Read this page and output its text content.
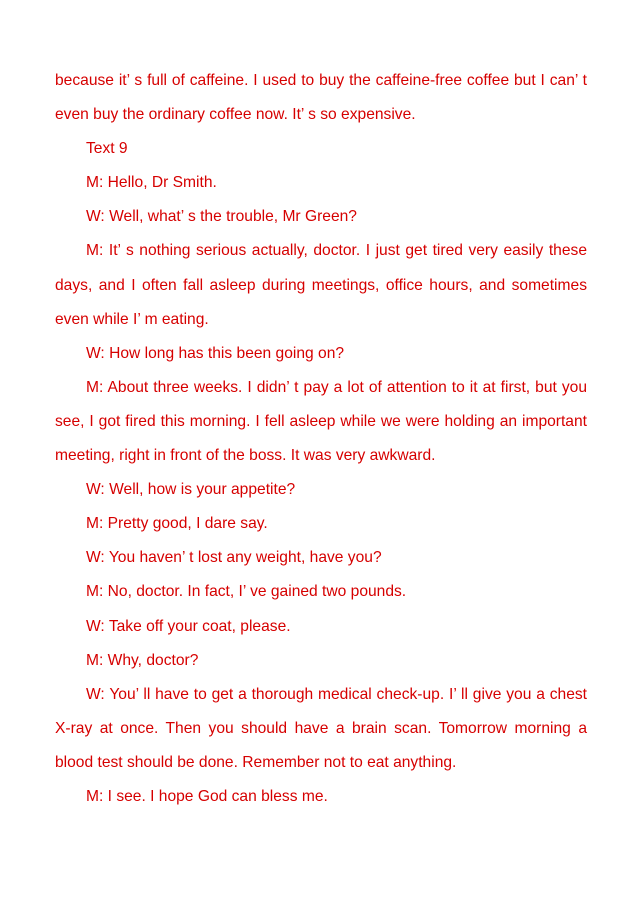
because it’ s full of caffeine. I used to buy the caffeine-free coffee but I can’ t even buy the ordinary coffee now. It’ s so expensive.

Text 9

M: Hello, Dr Smith.

W: Well, what’ s the trouble, Mr Green?

M: It’ s nothing serious actually, doctor. I just get tired very easily these days, and I often fall asleep during meetings, office hours, and sometimes even while I’ m eating.

W: How long has this been going on?

M: About three weeks. I didn’ t pay a lot of attention to it at first, but you see, I got fired this morning. I fell asleep while we were holding an important meeting, right in front of the boss. It was very awkward.

W: Well, how is your appetite?

M: Pretty good, I dare say.

W: You haven’ t lost any weight, have you?

M: No, doctor. In fact, I’ ve gained two pounds.

W: Take off your coat, please.

M: Why, doctor?

W: You’ ll have to get a thorough medical check-up. I’ ll give you a chest X-ray at once. Then you should have a brain scan. Tomorrow morning a blood test should be done. Remember not to eat anything.

M: I see. I hope God can bless me.
